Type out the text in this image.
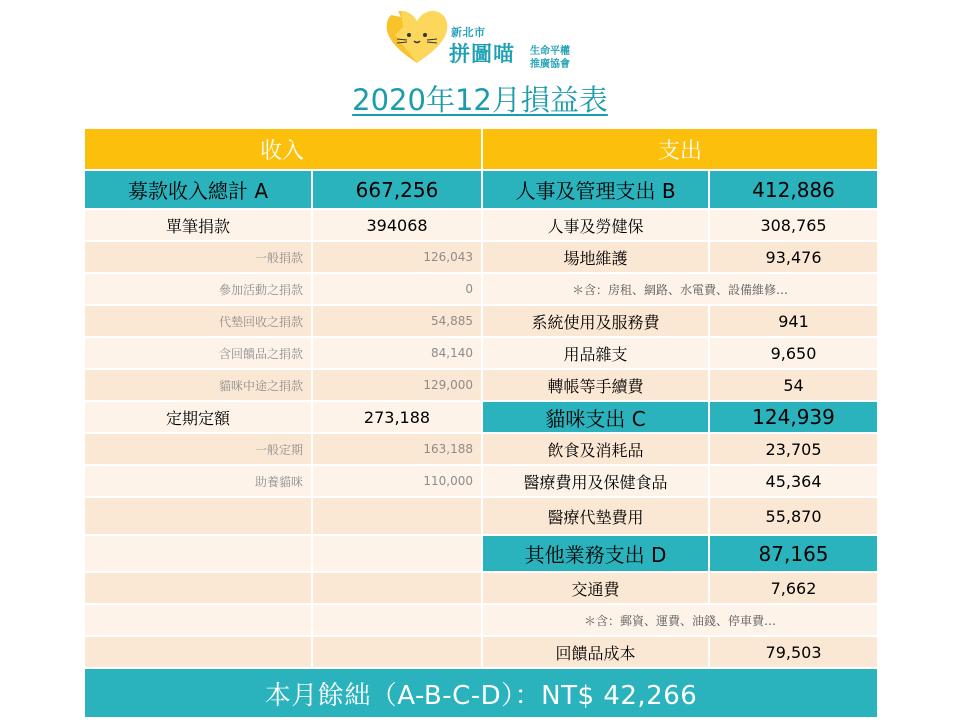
新北市
拼圖喵 生命平權
推廣協會
2020年12月損益表
收入		支出	
募款收入總計 A	667,256	人事及管理支出 B	412,886
單筆捐款	394068	人事及勞健保	308,765
一般捐款	126,043	場地維護	93,476
參加活動之捐款	0	＊含：房租、網路、水電費、設備維修…	
代墊回收之捐款	54,885	系統使用及服務費	941
含回饋品之捐款	84,140	用品雜支	9,650
貓咪中途之捐款	129,000	轉帳等手續費	54
定期定額	273,188	貓咪支出 C	124,939
一般定期	163,188	飲食及消耗品	23,705
助養貓咪	110,000	醫療費用及保健食品	45,364
		醫療代墊費用	55,870
		其他業務支出 D	87,165
		交通費	7,662
		＊含：郵資、運費、油錢、停車費…	
		回饋品成本	79,503
本月餘絀（A-B-C-D）：NT$ 42,266			
